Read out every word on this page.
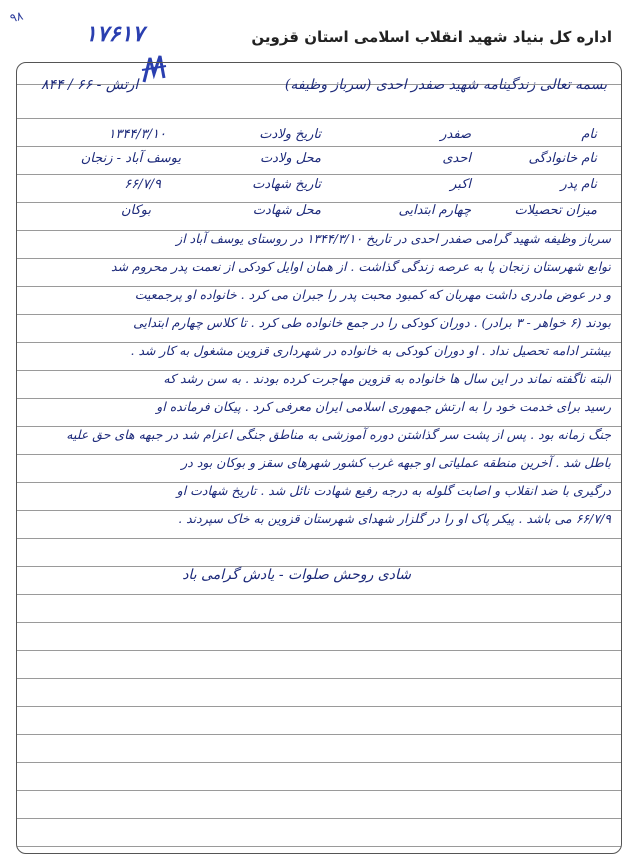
۹۸
۱۷۶۱۷	اداره کل بنیاد شهید انقلاب اسلامی استان قزوین
بسمه تعالی زندگینامه شهید صفدر احدی (سرباز وظیفه)
۸۴۴ / ۶۶ - ارتش
نام
صفدر
تاریخ ولادت
۱۳۴۴/۳/۱۰
نام خانوادگی
احدی
محل ولادت
یوسف آباد - زنجان
نام پدر
اکبر
تاریخ شهادت
۶۶/۷/۹
میزان تحصیلات
چهارم ابتدایی
محل شهادت
بوکان
سرباز وظیفه شهید گرامی صفدر احدی در تاریخ ۱۳۴۴/۳/۱۰ در روستای یوسف آباد از
توابع شهرستان زنجان پا به عرصه زندگی گذاشت . از همان اوایل کودکی از نعمت پدر محروم شد
و در عوض مادری داشت مهربان که کمبود محبت پدر را جبران می کرد . خانواده او پرجمعیت
بودند (۶ خواهر - ۳ برادر) . دوران کودکی را در جمع خانواده طی کرد . تا کلاس چهارم ابتدایی
بیشتر ادامه تحصیل نداد . او دوران کودکی به خانواده در شهرداری قزوین مشغول به کار شد .
البته ناگفته نماند در این سال ها خانواده به قزوین مهاجرت کرده بودند . به سن رشد که
رسید برای خدمت خود را به ارتش جمهوری اسلامی ایران معرفی کرد . پیکان فرمانده او
جنگ زمانه بود . پس از پشت سر گذاشتن دوره آموزشی به مناطق جنگی اعزام شد در جبهه های حق علیه
باطل شد . آخرین منطقه عملیاتی او جبهه غرب کشور شهرهای سقز و بوکان بود در
درگیری با ضد انقلاب و اصابت گلوله به درجه رفیع شهادت نائل شد . تاریخ شهادت او
۶۶/۷/۹ می باشد . پیکر پاک او را در گلزار شهدای شهرستان قزوین به خاک سپردند .
شادی روحش صلوات - یادش گرامی باد
